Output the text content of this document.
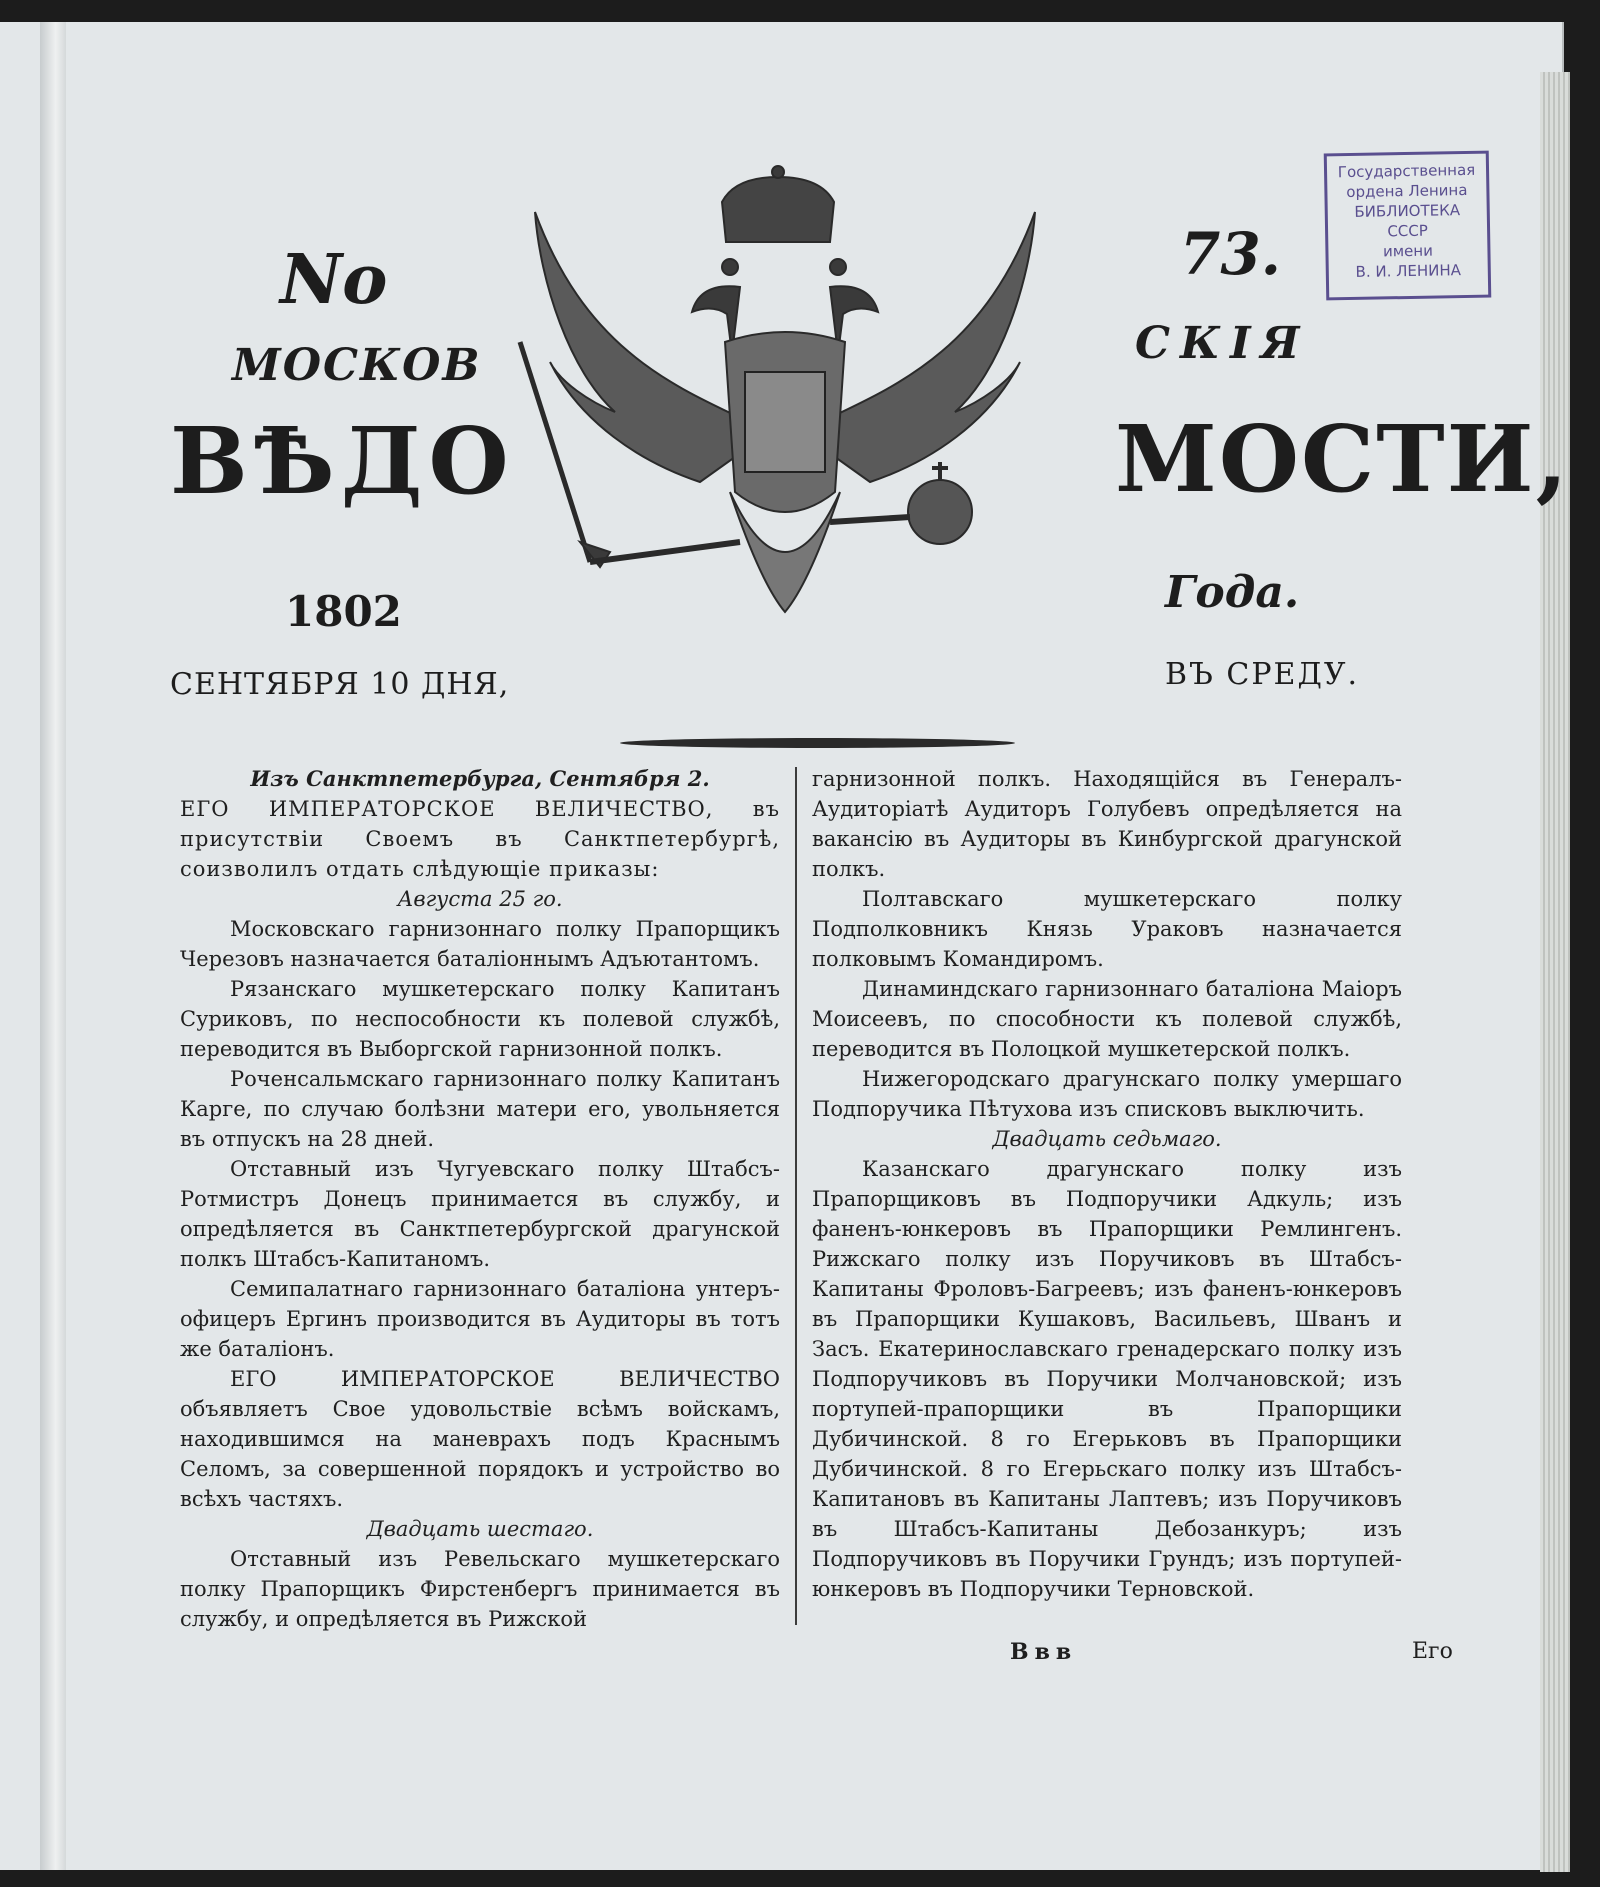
No	73.
МОСКОВ	СКІЯ
ВѢДО	МОСТИ,
1802	Года.
СЕНТЯБРЯ 10 ДНЯ,	ВЪ СРЕДУ.
Государственная
ордена Ленина
БИБЛИОТЕКА
СССР
имени
В. И. ЛЕНИНА

Изъ Санктпетербурга, Сентября 2.

ЕГО ИМПЕРАТОРСКОЕ ВЕЛИЧЕСТВО, въ присутствіи Своемъ въ Санктпетербургѣ, соизволилъ отдать слѣдующіе приказы:

Августа 25 го.

Московскаго гарнизоннаго полку Прапорщикъ Черезовъ назначается баталіоннымъ Адъютантомъ.

Рязанскаго мушкетерскаго полку Капитанъ Суриковъ, по неспособности къ полевой службѣ, переводится въ Выборгской гарнизонной полкъ.

Роченсальмскаго гарнизоннаго полку Капитанъ Карге, по случаю болѣзни матери его, увольняется въ отпускъ на 28 дней.

Отставный изъ Чугуевскаго полку Штабсъ-Ротмистръ Донецъ принимается въ службу, и опредѣляется въ Санктпетербургской драгунской полкъ Штабсъ-Капитаномъ.

Семипалатнаго гарнизоннаго баталіона унтеръ-офицеръ Ергинъ производится въ Аудиторы въ тотъ же баталіонъ.

ЕГО ИМПЕРАТОРСКОЕ ВЕЛИЧЕСТВО объявляетъ Свое удовольствіе всѣмъ войскамъ, находившимся на маневрахъ подъ Краснымъ Селомъ, за совершенной порядокъ и устройство во всѣхъ частяхъ.

Двадцать шестаго.

Отставный изъ Ревельскаго мушкетерскаго полку Прапорщикъ Фирстенбергъ принимается въ службу, и опредѣляется въ Рижской

гарнизонной полкъ. Находящійся въ Генералъ-Аудиторіатѣ Аудиторъ Голубевъ опредѣляется на ваканcію въ Аудиторы въ Кинбургской драгунской полкъ.

Полтавскаго мушкетерскаго полку Подполковникъ Князь Ураковъ назначается полковымъ Командиромъ.

Динаминдскаго гарнизоннаго баталіона Маіоръ Моисеевъ, по способности къ полевой службѣ, переводится въ Полоцкой мушкетерской полкъ.

Нижегородскаго драгунскаго полку умершаго Подпоручика Пѣтухова изъ списковъ выключить.

Двадцать седьмаго.

Казанскаго драгунскаго полку изъ Прапорщиковъ въ Подпоручики Адкуль; изъ фаненъ-юнкеровъ въ Прапорщики Ремлингенъ. Рижскаго полку изъ Поручиковъ въ Штабсъ-Капитаны Фроловъ-Багреевъ; изъ фаненъ-юнкеровъ въ Прапорщики Кушаковъ, Васильевъ, Шванъ и Засъ. Екатеринославскаго гренадерскаго полку изъ Подпоручиковъ въ Поручики Молчановской; изъ портупей-прапорщики въ Прапорщики Дубичинской. 8 го Егерьковъ въ Прапорщики Дубичинской. 8 го Егерьскаго полку изъ Штабсъ-Капитановъ въ Капитаны Лаптевъ; изъ Поручиковъ въ Штабсъ-Капитаны Дебозанкуръ; изъ Подпоручиковъ въ Поручики Грундъ; изъ портупей-юнкеровъ въ Подпоручики Терновской.

Ввв	Его
